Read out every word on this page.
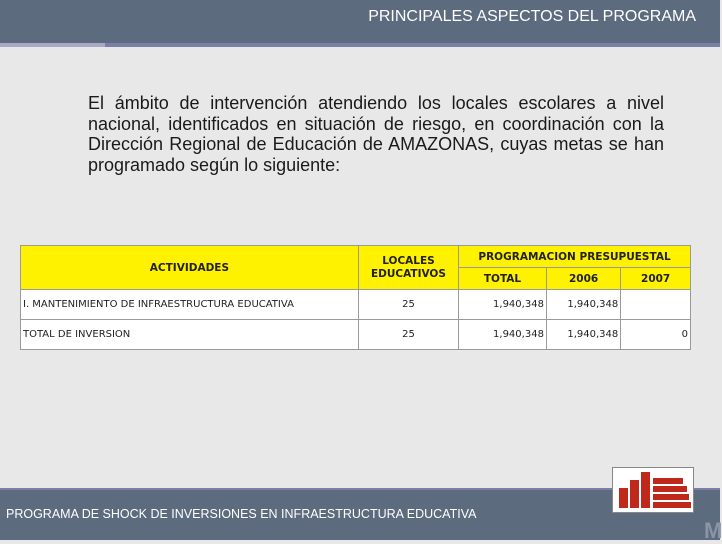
PRINCIPALES ASPECTOS DEL PROGRAMA
El ámbito de intervención atendiendo los locales escolares a nivel nacional, identificados en situación de riesgo, en coordinación con la Dirección Regional de Educación de AMAZONAS, cuyas metas se han programado según lo siguiente:
ACTIVIDADES	LOCALES EDUCATIVOS	PROGRAMACION PRESUPUESTAL		
		TOTAL	2006	2007
I. MANTENIMIENTO DE INFRAESTRUCTURA EDUCATIVA	25	1,940,348	1,940,348	
TOTAL DE INVERSION	25	1,940,348	1,940,348	0
PROGRAMA DE SHOCK DE INVERSIONES EN INFRAESTRUCTURA EDUCATIVA
M
